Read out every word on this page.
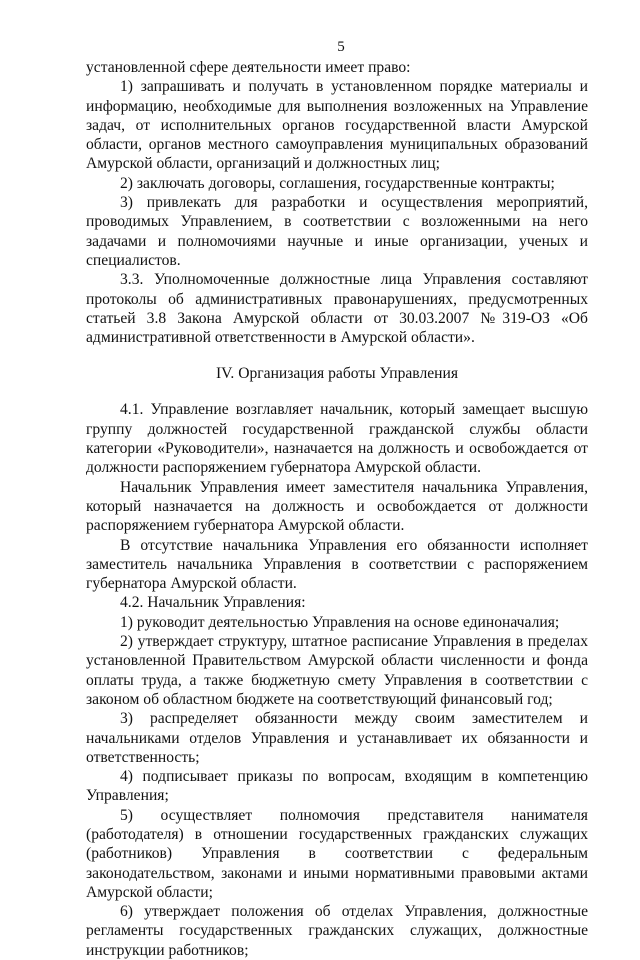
5

установленной сфере деятельности имеет право:

1) запрашивать и получать в установленном порядке материалы и информацию, необходимые для выполнения возложенных на Управление задач, от исполнительных органов государственной власти Амурской области, органов местного самоуправления муниципальных образований Амурской области, организаций и должностных лиц;

2) заключать договоры, соглашения, государственные контракты;

3) привлекать для разработки и осуществления мероприятий, проводимых Управлением, в соответствии с возложенными на него задачами и полномочиями научные и иные организации, ученых и специалистов.

3.3. Уполномоченные должностные лица Управления составляют протоколы об административных правонарушениях, предусмотренных статьей 3.8 Закона Амурской области от 30.03.2007 №319-ОЗ «Об административной ответственности в Амурской области».

IV. Организация работы Управления

4.1. Управление возглавляет начальник, который замещает высшую группу должностей государственной гражданской службы области категории «Руководители», назначается на должность и освобождается от должности распоряжением губернатора Амурской области.

Начальник Управления имеет заместителя начальника Управления, который назначается на должность и освобождается от должности распоряжением губернатора Амурской области.

В отсутствие начальника Управления его обязанности исполняет заместитель начальника Управления в соответствии с распоряжением губернатора Амурской области.

4.2. Начальник Управления:

1) руководит деятельностью Управления на основе единоначалия;

2) утверждает структуру, штатное расписание Управления в пределах установленной Правительством Амурской области численности и фонда оплаты труда, а также бюджетную смету Управления в соответствии с законом об областном бюджете на соответствующий финансовый год;

3) распределяет обязанности между своим заместителем и начальниками отделов Управления и устанавливает их обязанности и ответственность;

4) подписывает приказы по вопросам, входящим в компетенцию Управления;

5) осуществляет полномочия представителя нанимателя (работодателя) в отношении государственных гражданских служащих (работников) Управления в соответствии с федеральным законодательством, законами и иными нормативными правовыми актами Амурской области;

6) утверждает положения об отделах Управления, должностные регламенты государственных гражданских служащих, должностные инструкции работников;
